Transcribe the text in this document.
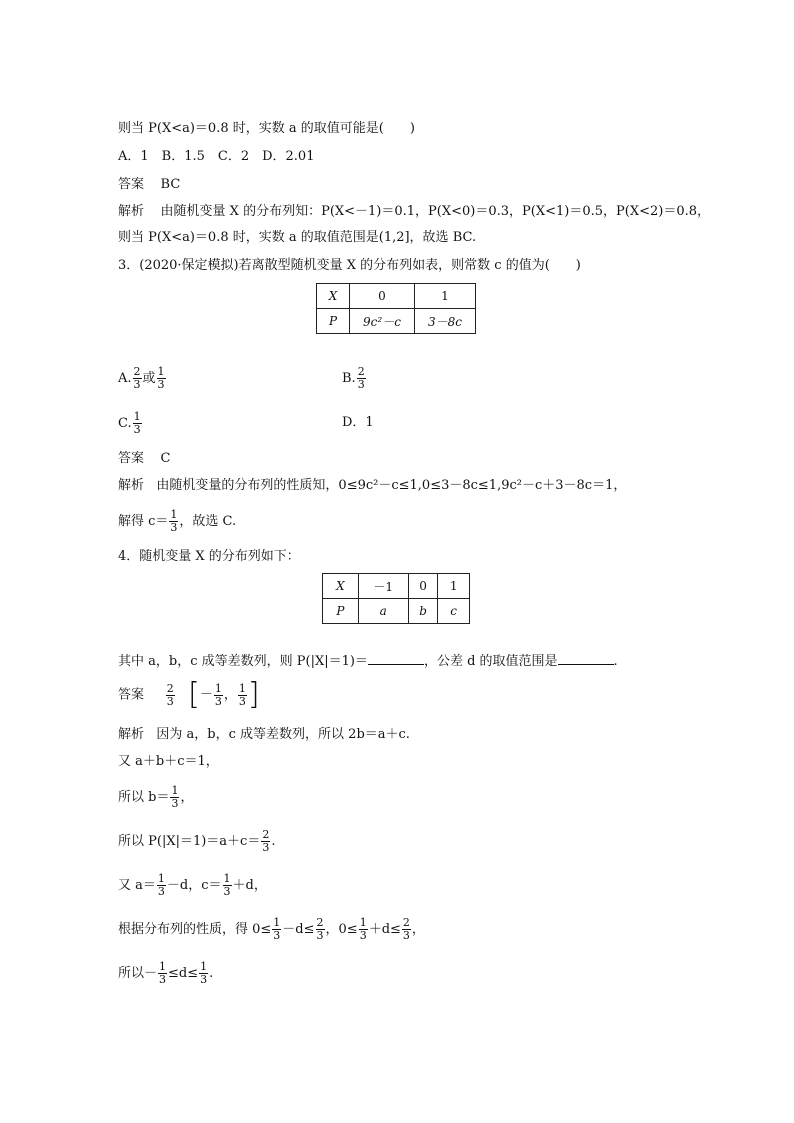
则当 P(X<a)＝0.8 时，实数 a 的取值可能是(　　)
A．1　B．1.5　C．2　D．2.01
答案 BC
解析 由随机变量 X 的分布列知：P(X<－1)＝0.1，P(X<0)＝0.3，P(X<1)＝0.5，P(X<2)＝0.8，
则当 P(X<a)＝0.8 时，实数 a 的取值范围是(1,2]，故选 BC.
3．(2020·保定模拟)若离散型随机变量 X 的分布列如表，则常数 c 的值为(　　)
X	0	1
P	9c²－c	3－8c
A. $\frac{2}{3}$ 或 $\frac{1}{3}$	B. $\frac{2}{3}$
C. $\frac{1}{3}$	D．1
答案 C
解析 由随机变量的分布列的性质知，0≤9c²－c≤1,0≤3－8c≤1,9c²－c＋3－8c＝1，
解得 $c= \frac{1}{3}$ ，故选 C.
4．随机变量 X 的分布列如下：
X	－1	0	1
P	a	b	c
其中 a，b，c 成等差数列，则 P(|X|＝1)＝	，公差 d 的取值范围是	.
答案 $\frac{2}{3}$ [－ $\frac{1}{3}$ ， $\frac{1}{3}$ ]
解析 因为 a，b，c 成等差数列，所以 2b＝a＋c.
又 a＋b＋c＝1，
所以 $b= \frac{1}{3}$ ，
所以 $P(|X|=1)=a+c= \frac{2}{3}$ .
又 $a= \frac{1}{3} -d$，$c= \frac{1}{3} +d$，
根据分布列的性质，得 $0\le \frac{1}{3} -d\le \frac{2}{3}$ ，$0\le \frac{1}{3} +d\le \frac{2}{3}$ ，
所以－ $\frac{1}{3} \le d\le \frac{1}{3}$ .
